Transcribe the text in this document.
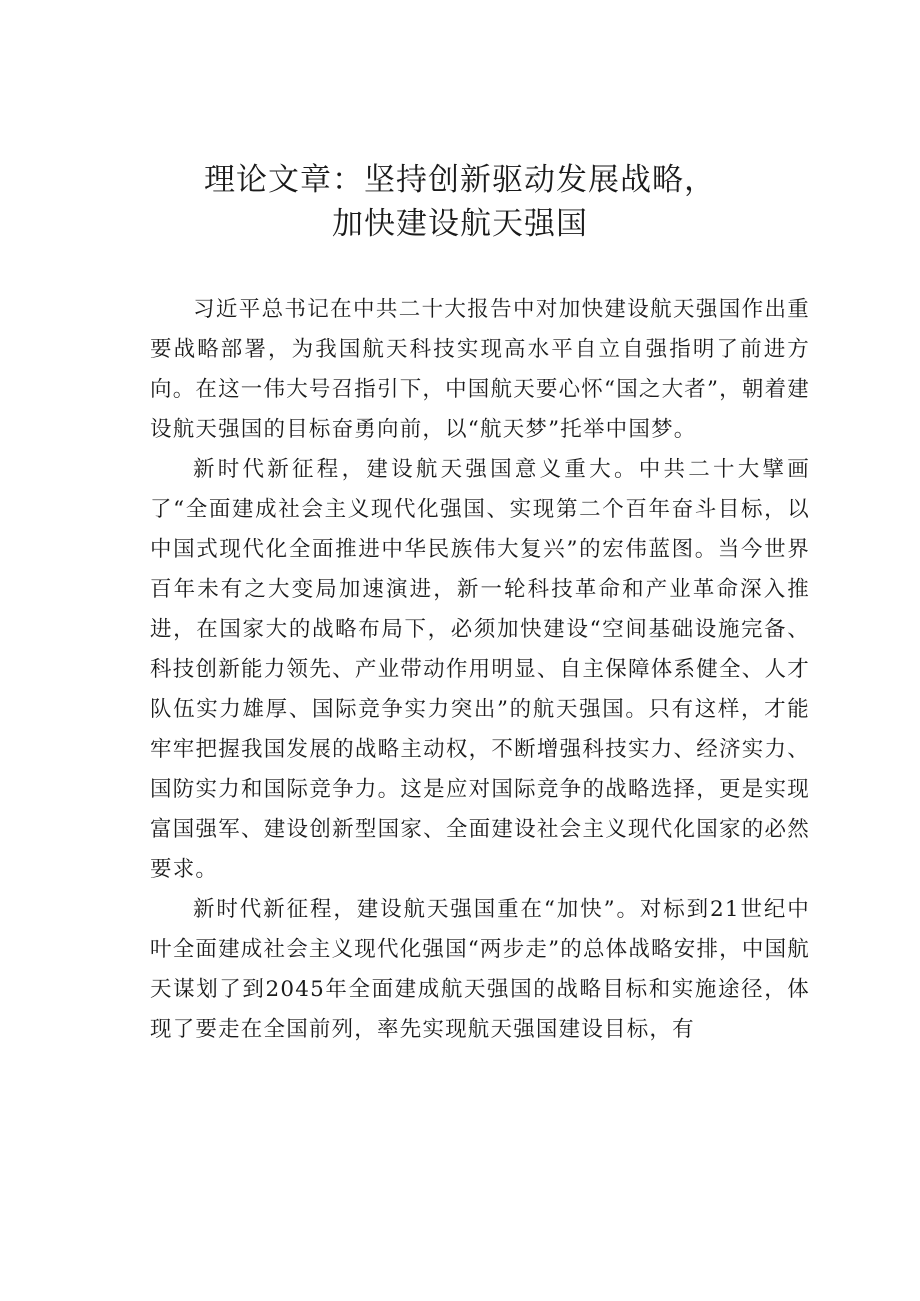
理论文章：坚持创新驱动发展战略，
加快建设航天强国

习近平总书记在中共二十大报告中对加快建设航天强国作出重要战略部署，为我国航天科技实现高水平自立自强指明了前进方向。在这一伟大号召指引下，中国航天要心怀“国之大者”，朝着建设航天强国的目标奋勇向前，以“航天梦”托举中国梦。

新时代新征程，建设航天强国意义重大。中共二十大擘画了“全面建成社会主义现代化强国、实现第二个百年奋斗目标，以中国式现代化全面推进中华民族伟大复兴”的宏伟蓝图。当今世界百年未有之大变局加速演进，新一轮科技革命和产业革命深入推进，在国家大的战略布局下，必须加快建设“空间基础设施完备、科技创新能力领先、产业带动作用明显、自主保障体系健全、人才队伍实力雄厚、国际竞争实力突出”的航天强国。只有这样，才能牢牢把握我国发展的战略主动权，不断增强科技实力、经济实力、国防实力和国际竞争力。这是应对国际竞争的战略选择，更是实现富国强军、建设创新型国家、全面建设社会主义现代化国家的必然要求。

新时代新征程，建设航天强国重在“加快”。对标到21世纪中叶全面建成社会主义现代化强国“两步走”的总体战略安排，中国航天谋划了到2045年全面建成航天强国的战略目标和实施途径，体现了要走在全国前列，率先实现航天强国建设目标，有
